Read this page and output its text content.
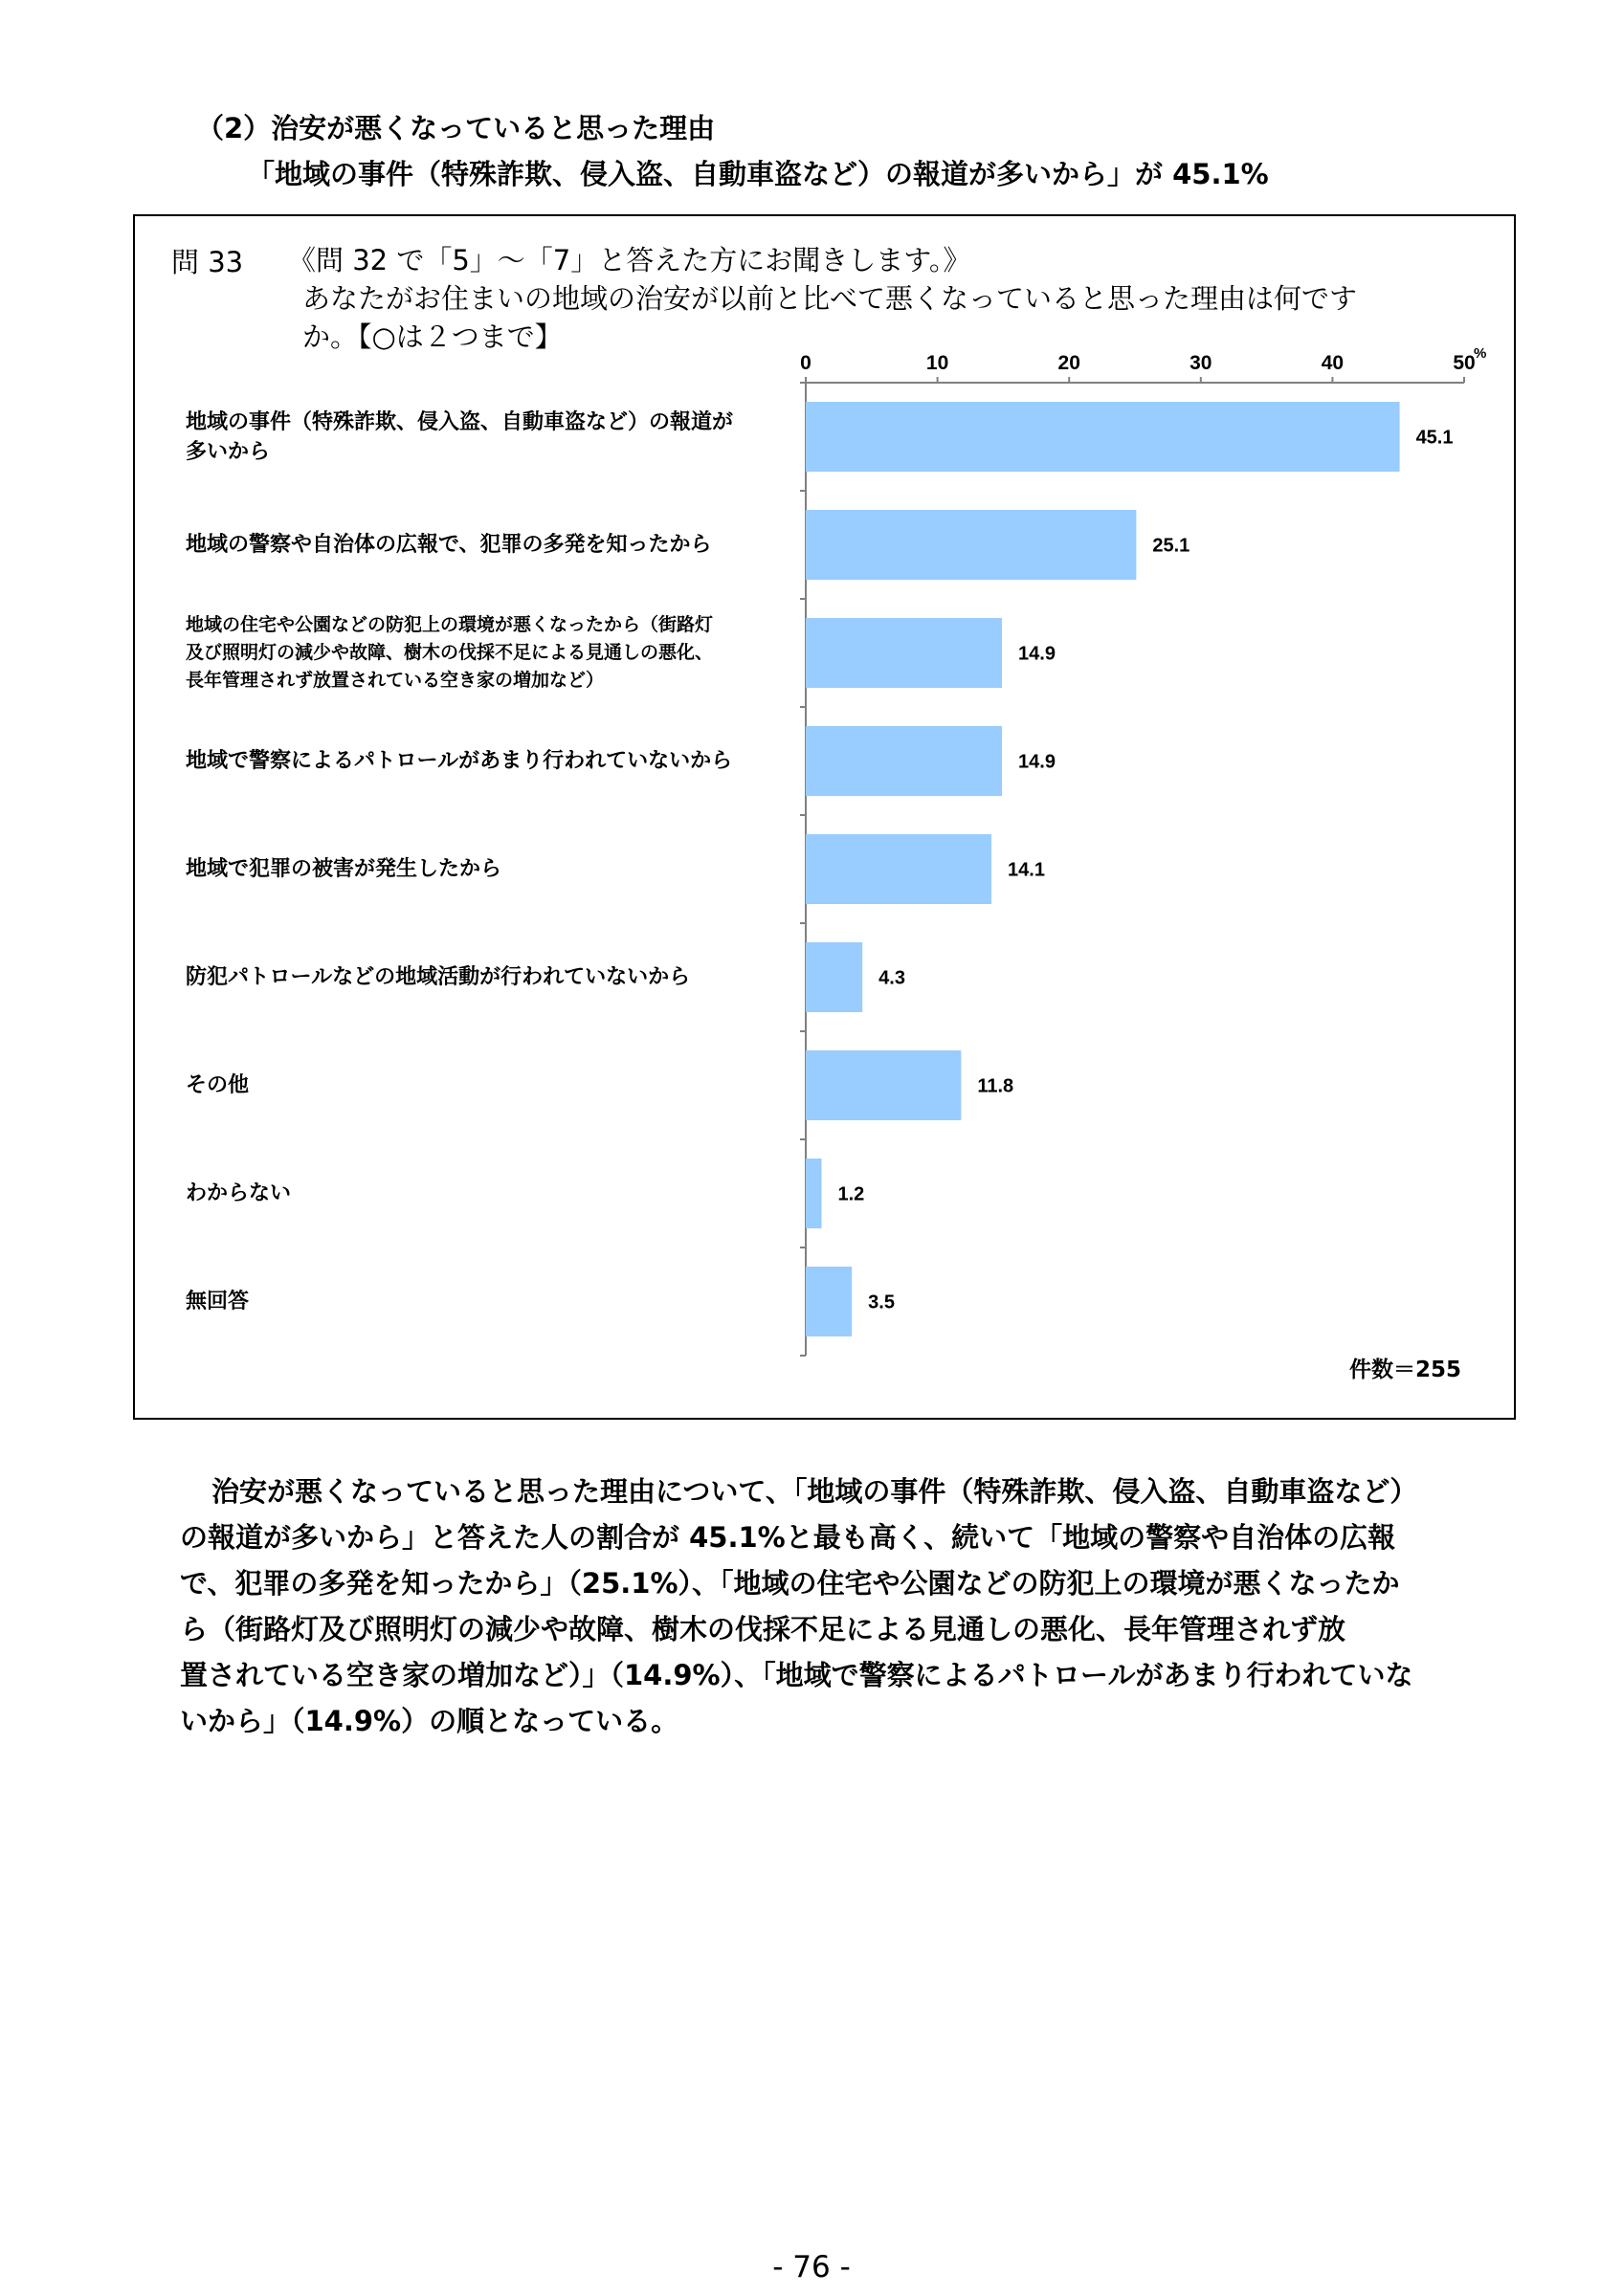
（2）治安が悪くなっていると思った理由
「地域の事件（特殊詐欺、侵入盗、自動車盗など）の報道が多いから」が 45.1%
問 33 《問 32 で「5」～「7」と答えた方にお聞きします。》
あなたがお住まいの地域の治安が以前と比べて悪くなっていると思った理由は何です
か。【○は２つまで】
0	10	20	30	40	50
%
45.1
25.1
14.9
14.9
14.1
4.3
11.8
1.2
3.5
地域の事件（特殊詐欺、侵入盗、自動車盗など）の報道が
多いから
地域の警察や自治体の広報で、犯罪の多発を知ったから
地域の住宅や公園などの防犯上の環境が悪くなったから（街路灯
及び照明灯の減少や故障、樹木の伐採不足による見通しの悪化、
長年管理されず放置されている空き家の増加など）
地域で警察によるパトロールがあまり行われていないから
地域で犯罪の被害が発生したから
防犯パトロールなどの地域活動が行われていないから
その他
わからない
無回答
件数＝255
治安が悪くなっていると思った理由について、「地域の事件（特殊詐欺、侵入盗、自動車盗など）
の報道が多いから」と答えた人の割合が 45.1%と最も高く、続いて「地域の警察や自治体の広報
で、犯罪の多発を知ったから」（25.1%）、「地域の住宅や公園などの防犯上の環境が悪くなったか
ら（街路灯及び照明灯の減少や故障、樹木の伐採不足による見通しの悪化、長年管理されず放
置されている空き家の増加など）」（14.9%）、「地域で警察によるパトロールがあまり行われていな
いから」（14.9%）の順となっている。
- 76 -
